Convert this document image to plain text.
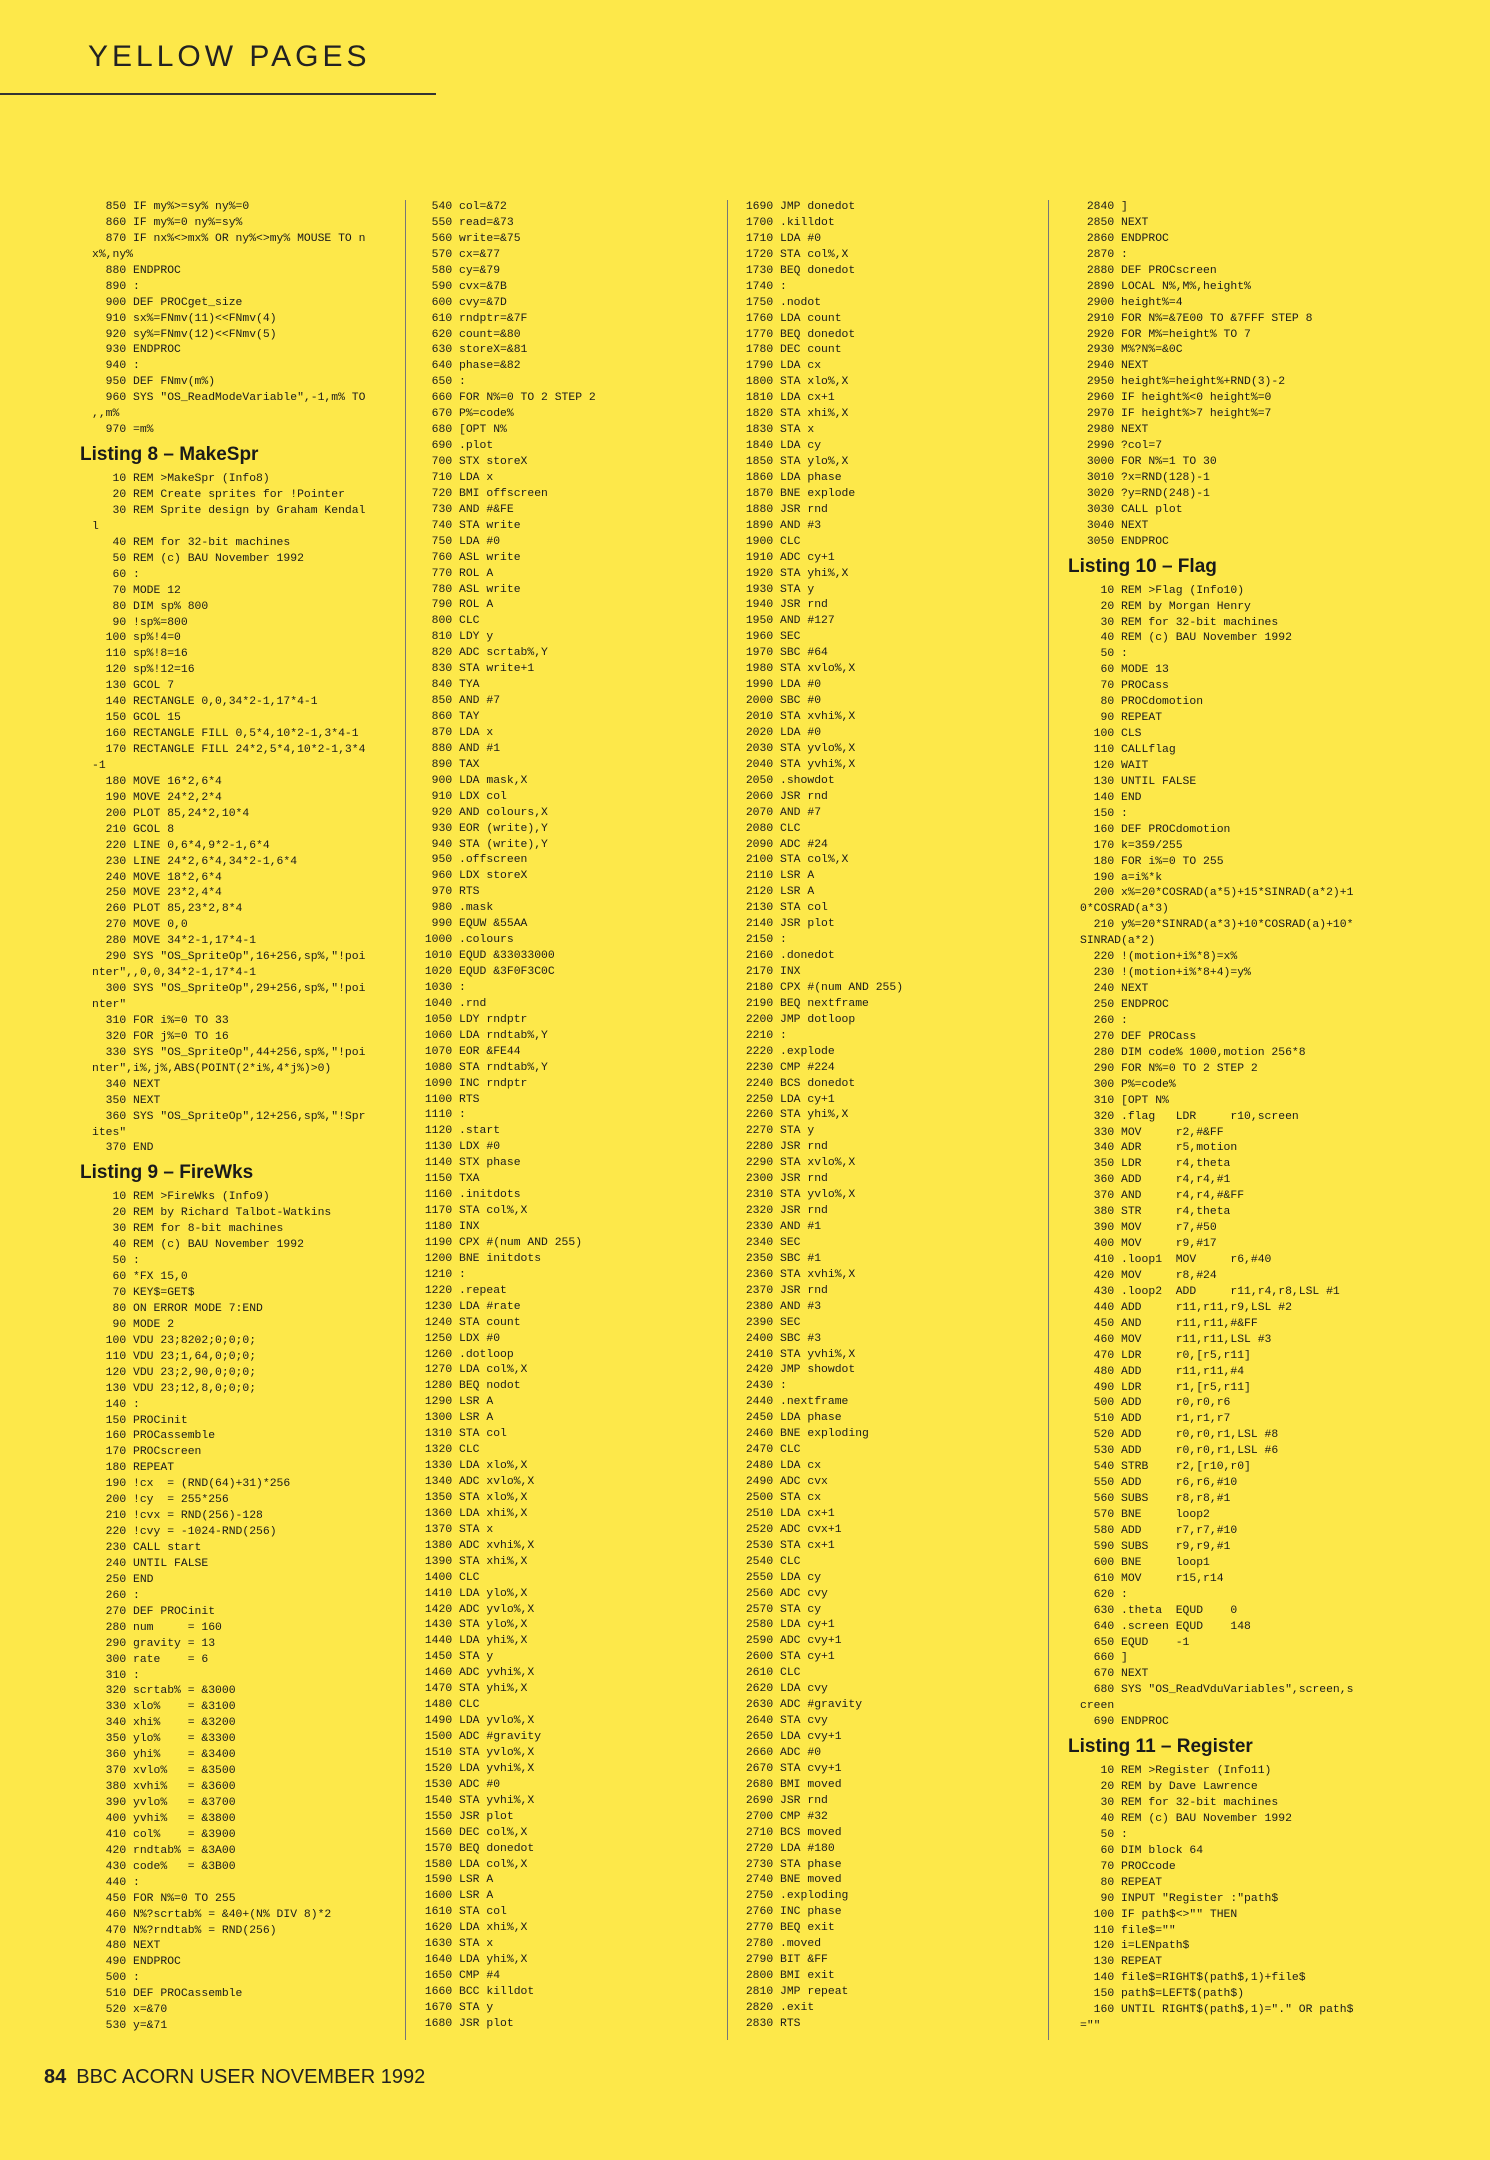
YELLOW PAGES
850 IF my%>=sy% ny%=0
860 IF my%=0 ny%=sy%
870 IF nx%<>mx% OR ny%<>my% MOUSE TO n
x%,ny%
880 ENDPROC
890 :
900 DEF PROCget_size
910 sx%=FNmv(11)<<FNmv(4)
920 sy%=FNmv(12)<<FNmv(5)
930 ENDPROC
940 :
950 DEF FNmv(m%)
960 SYS "OS_ReadModeVariable",-1,m% TO
,,m%
970 =m%
Listing 8 – MakeSpr
10 REM >MakeSpr (Info8)
20 REM Create sprites for !Pointer
30 REM Sprite design by Graham Kendal
l
40 REM for 32-bit machines
50 REM (c) BAU November 1992
60 :
70 MODE 12
80 DIM sp% 800
90 !sp%=800
100 sp%!4=0
110 sp%!8=16
120 sp%!12=16
130 GCOL 7
140 RECTANGLE 0,0,34*2-1,17*4-1
150 GCOL 15
160 RECTANGLE FILL 0,5*4,10*2-1,3*4-1
170 RECTANGLE FILL 24*2,5*4,10*2-1,3*4
-1
180 MOVE 16*2,6*4
190 MOVE 24*2,2*4
200 PLOT 85,24*2,10*4
210 GCOL 8
220 LINE 0,6*4,9*2-1,6*4
230 LINE 24*2,6*4,34*2-1,6*4
240 MOVE 18*2,6*4
250 MOVE 23*2,4*4
260 PLOT 85,23*2,8*4
270 MOVE 0,0
280 MOVE 34*2-1,17*4-1
290 SYS "OS_SpriteOp",16+256,sp%,"!poi
nter",,0,0,34*2-1,17*4-1
300 SYS "OS_SpriteOp",29+256,sp%,"!poi
nter"
310 FOR i%=0 TO 33
320 FOR j%=0 TO 16
330 SYS "OS_SpriteOp",44+256,sp%,"!poi
nter",i%,j%,ABS(POINT(2*i%,4*j%)>0)
340 NEXT
350 NEXT
360 SYS "OS_SpriteOp",12+256,sp%,"!Spr
ites"
370 END
Listing 9 – FireWks
10 REM >FireWks (Info9)
20 REM by Richard Talbot-Watkins
30 REM for 8-bit machines
40 REM (c) BAU November 1992
50 :
60 *FX 15,0
70 KEY$=GET$
80 ON ERROR MODE 7:END
90 MODE 2
100 VDU 23;8202;0;0;0;
110 VDU 23;1,64,0;0;0;
120 VDU 23;2,90,0;0;0;
130 VDU 23;12,8,0;0;0;
140 :
150 PROCinit
160 PROCassemble
170 PROCscreen
180 REPEAT
190 !cx  = (RND(64)+31)*256
200 !cy  = 255*256
210 !cvx = RND(256)-128
220 !cvy = -1024-RND(256)
230 CALL start
240 UNTIL FALSE
250 END
260 :
270 DEF PROCinit
280 num     = 160
290 gravity = 13
300 rate    = 6
310 :
320 scrtab% = &3000
330 xlo%    = &3100
340 xhi%    = &3200
350 ylo%    = &3300
360 yhi%    = &3400
370 xvlo%   = &3500
380 xvhi%   = &3600
390 yvlo%   = &3700
400 yvhi%   = &3800
410 col%    = &3900
420 rndtab% = &3A00
430 code%   = &3B00
440 :
450 FOR N%=0 TO 255
460 N%?scrtab% = &40+(N% DIV 8)*2
470 N%?rndtab% = RND(256)
480 NEXT
490 ENDPROC
500 :
510 DEF PROCassemble
520 x=&70
530 y=&71
540 col=&72
550 read=&73
560 write=&75
570 cx=&77
580 cy=&79
590 cvx=&7B
600 cvy=&7D
610 rndptr=&7F
620 count=&80
630 storeX=&81
640 phase=&82
650 :
660 FOR N%=0 TO 2 STEP 2
670 P%=code%
680 [OPT N%
690 .plot
700 STX storeX
710 LDA x
720 BMI offscreen
730 AND #&FE
740 STA write
750 LDA #0
760 ASL write
770 ROL A
780 ASL write
790 ROL A
800 CLC
810 LDY y
820 ADC scrtab%,Y
830 STA write+1
840 TYA
850 AND #7
860 TAY
870 LDA x
880 AND #1
890 TAX
900 LDA mask,X
910 LDX col
920 AND colours,X
930 EOR (write),Y
940 STA (write),Y
950 .offscreen
960 LDX storeX
970 RTS
980 .mask
990 EQUW &55AA
1000 .colours
1010 EQUD &33033000
1020 EQUD &3F0F3C0C
1030 :
1040 .rnd
1050 LDY rndptr
1060 LDA rndtab%,Y
1070 EOR &FE44
1080 STA rndtab%,Y
1090 INC rndptr
1100 RTS
1110 :
1120 .start
1130 LDX #0
1140 STX phase
1150 TXA
1160 .initdots
1170 STA col%,X
1180 INX
1190 CPX #(num AND 255)
1200 BNE initdots
1210 :
1220 .repeat
1230 LDA #rate
1240 STA count
1250 LDX #0
1260 .dotloop
1270 LDA col%,X
1280 BEQ nodot
1290 LSR A
1300 LSR A
1310 STA col
1320 CLC
1330 LDA xlo%,X
1340 ADC xvlo%,X
1350 STA xlo%,X
1360 LDA xhi%,X
1370 STA x
1380 ADC xvhi%,X
1390 STA xhi%,X
1400 CLC
1410 LDA ylo%,X
1420 ADC yvlo%,X
1430 STA ylo%,X
1440 LDA yhi%,X
1450 STA y
1460 ADC yvhi%,X
1470 STA yhi%,X
1480 CLC
1490 LDA yvlo%,X
1500 ADC #gravity
1510 STA yvlo%,X
1520 LDA yvhi%,X
1530 ADC #0
1540 STA yvhi%,X
1550 JSR plot
1560 DEC col%,X
1570 BEQ donedot
1580 LDA col%,X
1590 LSR A
1600 LSR A
1610 STA col
1620 LDA xhi%,X
1630 STA x
1640 LDA yhi%,X
1650 CMP #4
1660 BCC killdot
1670 STA y
1680 JSR plot
1690 JMP donedot
1700 .killdot
1710 LDA #0
1720 STA col%,X
1730 BEQ donedot
1740 :
1750 .nodot
1760 LDA count
1770 BEQ donedot
1780 DEC count
1790 LDA cx
1800 STA xlo%,X
1810 LDA cx+1
1820 STA xhi%,X
1830 STA x
1840 LDA cy
1850 STA ylo%,X
1860 LDA phase
1870 BNE explode
1880 JSR rnd
1890 AND #3
1900 CLC
1910 ADC cy+1
1920 STA yhi%,X
1930 STA y
1940 JSR rnd
1950 AND #127
1960 SEC
1970 SBC #64
1980 STA xvlo%,X
1990 LDA #0
2000 SBC #0
2010 STA xvhi%,X
2020 LDA #0
2030 STA yvlo%,X
2040 STA yvhi%,X
2050 .showdot
2060 JSR rnd
2070 AND #7
2080 CLC
2090 ADC #24
2100 STA col%,X
2110 LSR A
2120 LSR A
2130 STA col
2140 JSR plot
2150 :
2160 .donedot
2170 INX
2180 CPX #(num AND 255)
2190 BEQ nextframe
2200 JMP dotloop
2210 :
2220 .explode
2230 CMP #224
2240 BCS donedot
2250 LDA cy+1
2260 STA yhi%,X
2270 STA y
2280 JSR rnd
2290 STA xvlo%,X
2300 JSR rnd
2310 STA yvlo%,X
2320 JSR rnd
2330 AND #1
2340 SEC
2350 SBC #1
2360 STA xvhi%,X
2370 JSR rnd
2380 AND #3
2390 SEC
2400 SBC #3
2410 STA yvhi%,X
2420 JMP showdot
2430 :
2440 .nextframe
2450 LDA phase
2460 BNE exploding
2470 CLC
2480 LDA cx
2490 ADC cvx
2500 STA cx
2510 LDA cx+1
2520 ADC cvx+1
2530 STA cx+1
2540 CLC
2550 LDA cy
2560 ADC cvy
2570 STA cy
2580 LDA cy+1
2590 ADC cvy+1
2600 STA cy+1
2610 CLC
2620 LDA cvy
2630 ADC #gravity
2640 STA cvy
2650 LDA cvy+1
2660 ADC #0
2670 STA cvy+1
2680 BMI moved
2690 JSR rnd
2700 CMP #32
2710 BCS moved
2720 LDA #180
2730 STA phase
2740 BNE moved
2750 .exploding
2760 INC phase
2770 BEQ exit
2780 .moved
2790 BIT &FF
2800 BMI exit
2810 JMP repeat
2820 .exit
2830 RTS
2840 ]
2850 NEXT
2860 ENDPROC
2870 :
2880 DEF PROCscreen
2890 LOCAL N%,M%,height%
2900 height%=4
2910 FOR N%=&7E00 TO &7FFF STEP 8
2920 FOR M%=height% TO 7
2930 M%?N%=&0C
2940 NEXT
2950 height%=height%+RND(3)-2
2960 IF height%<0 height%=0
2970 IF height%>7 height%=7
2980 NEXT
2990 ?col=7
3000 FOR N%=1 TO 30
3010 ?x=RND(128)-1
3020 ?y=RND(248)-1
3030 CALL plot
3040 NEXT
3050 ENDPROC
Listing 10 – Flag
10 REM >Flag (Info10)
20 REM by Morgan Henry
30 REM for 32-bit machines
40 REM (c) BAU November 1992
50 :
60 MODE 13
70 PROCass
80 PROCdomotion
90 REPEAT
100 CLS
110 CALLflag
120 WAIT
130 UNTIL FALSE
140 END
150 :
160 DEF PROCdomotion
170 k=359/255
180 FOR i%=0 TO 255
190 a=i%*k
200 x%=20*COSRAD(a*5)+15*SINRAD(a*2)+1
0*COSRAD(a*3)
210 y%=20*SINRAD(a*3)+10*COSRAD(a)+10*
SINRAD(a*2)
220 !(motion+i%*8)=x%
230 !(motion+i%*8+4)=y%
240 NEXT
250 ENDPROC
260 :
270 DEF PROCass
280 DIM code% 1000,motion 256*8
290 FOR N%=0 TO 2 STEP 2
300 P%=code%
310 [OPT N%
320 .flag   LDR     r10,screen
330 MOV     r2,#&FF
340 ADR     r5,motion
350 LDR     r4,theta
360 ADD     r4,r4,#1
370 AND     r4,r4,#&FF
380 STR     r4,theta
390 MOV     r7,#50
400 MOV     r9,#17
410 .loop1  MOV     r6,#40
420 MOV     r8,#24
430 .loop2  ADD     r11,r4,r8,LSL #1
440 ADD     r11,r11,r9,LSL #2
450 AND     r11,r11,#&FF
460 MOV     r11,r11,LSL #3
470 LDR     r0,[r5,r11]
480 ADD     r11,r11,#4
490 LDR     r1,[r5,r11]
500 ADD     r0,r0,r6
510 ADD     r1,r1,r7
520 ADD     r0,r0,r1,LSL #8
530 ADD     r0,r0,r1,LSL #6
540 STRB    r2,[r10,r0]
550 ADD     r6,r6,#10
560 SUBS    r8,r8,#1
570 BNE     loop2
580 ADD     r7,r7,#10
590 SUBS    r9,r9,#1
600 BNE     loop1
610 MOV     r15,r14
620 :
630 .theta  EQUD    0
640 .screen EQUD    148
650 EQUD    -1
660 ]
670 NEXT
680 SYS "OS_ReadVduVariables",screen,s
creen
690 ENDPROC
Listing 11 – Register
10 REM >Register (Info11)
20 REM by Dave Lawrence
30 REM for 32-bit machines
40 REM (c) BAU November 1992
50 :
60 DIM block 64
70 PROCcode
80 REPEAT
90 INPUT "Register :"path$
100 IF path$<>"" THEN
110 file$=""
120 i=LENpath$
130 REPEAT
140 file$=RIGHT$(path$,1)+file$
150 path$=LEFT$(path$)
160 UNTIL RIGHT$(path$,1)="." OR path$
=""
84 BBC ACORN USER NOVEMBER 1992
